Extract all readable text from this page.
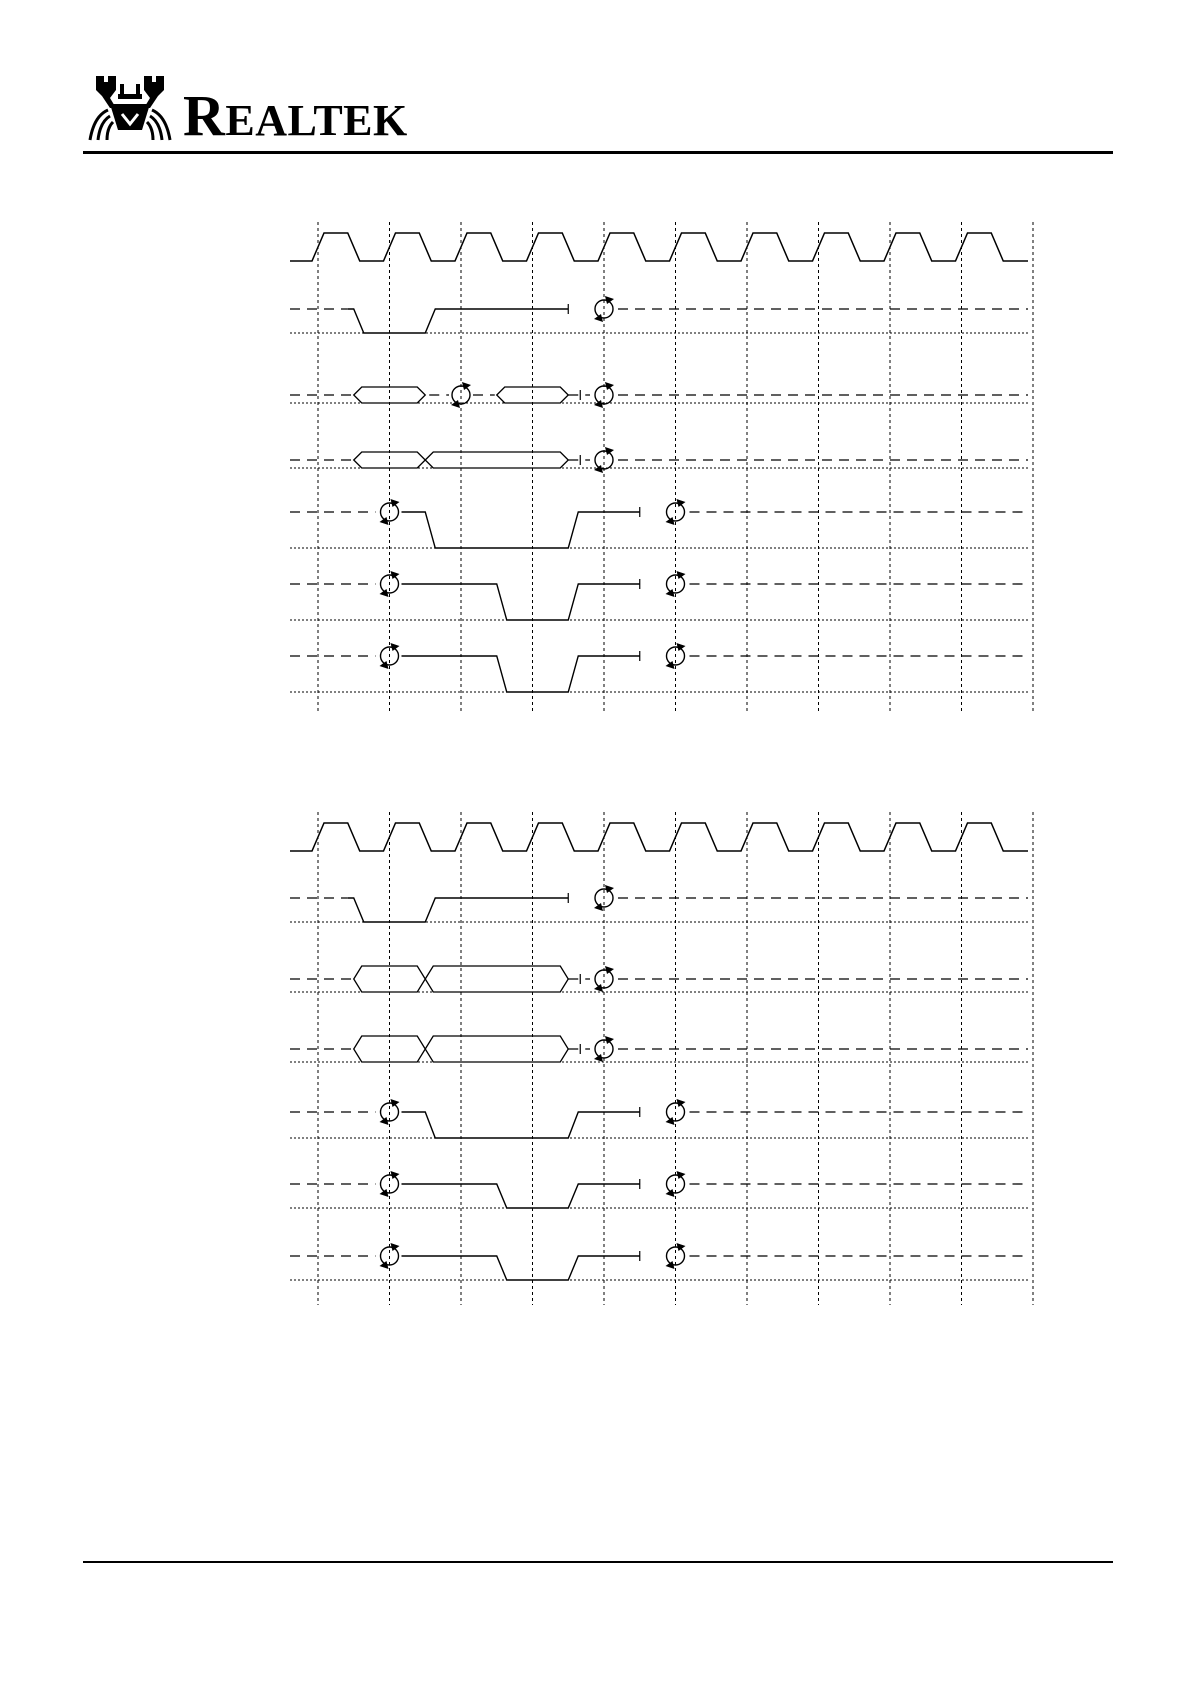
REALTEK
